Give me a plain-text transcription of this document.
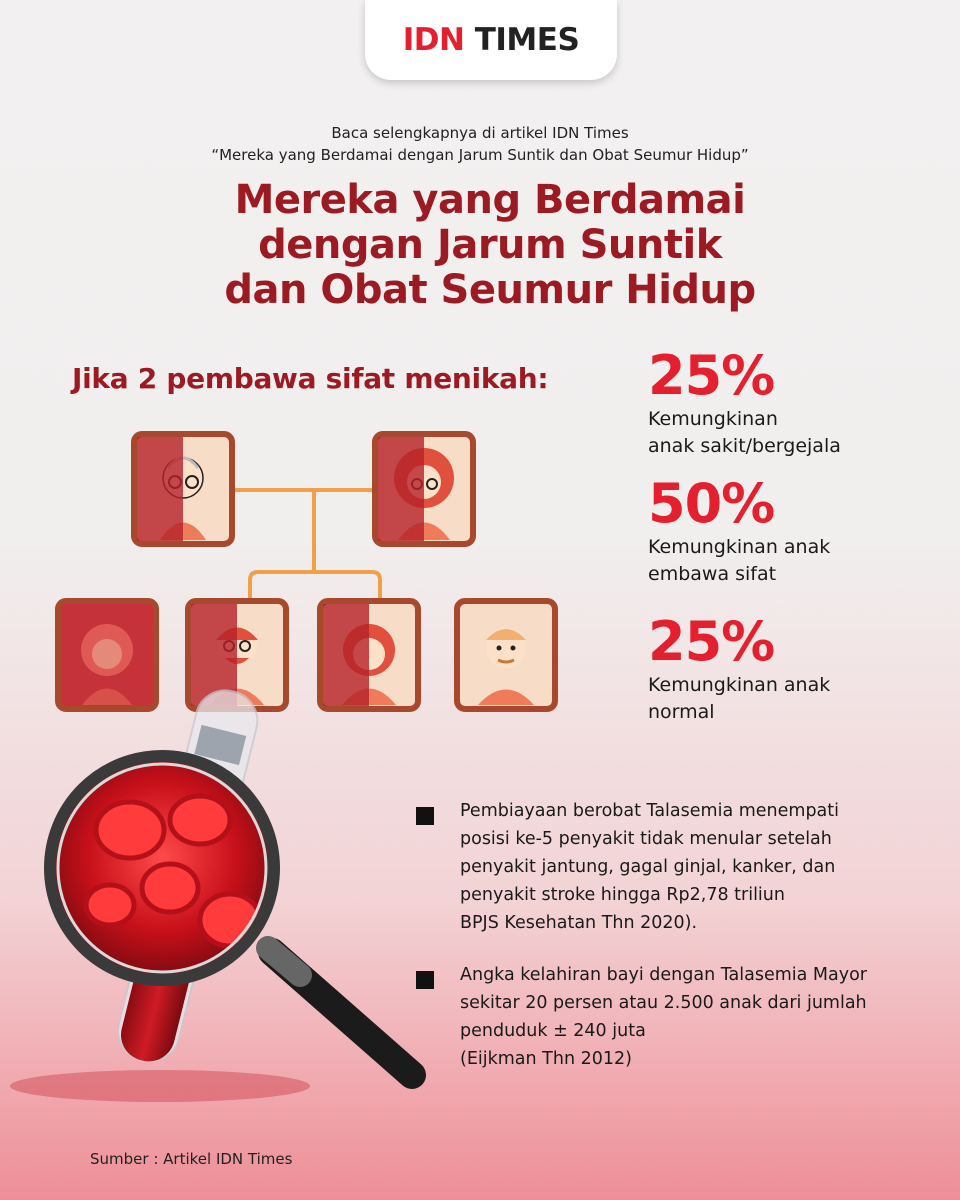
IDN TIMES
Baca selengkapnya di artikel IDN Times
“Mereka yang Berdamai dengan Jarum Suntik dan Obat Seumur Hidup”
Mereka yang Berdamai
dengan Jarum Suntik
dan Obat Seumur Hidup
Jika 2 pembawa sifat menikah: 25%
Kemungkinan
anak sakit/bergejala
50%
Kemungkinan anak
embawa sifat
25%
Kemungkinan anak
normal
Pembiayaan berobat Talasemia menempati
posisi ke-5 penyakit tidak menular setelah
penyakit jantung, gagal ginjal, kanker, dan
penyakit stroke hingga Rp2,78 triliun
BPJS Kesehatan Thn 2020).
Angka kelahiran bayi dengan Talasemia Mayor
sekitar 20 persen atau 2.500 anak dari jumlah
penduduk ± 240 juta
(Eijkman Thn 2012)
Sumber : Artikel IDN Times
